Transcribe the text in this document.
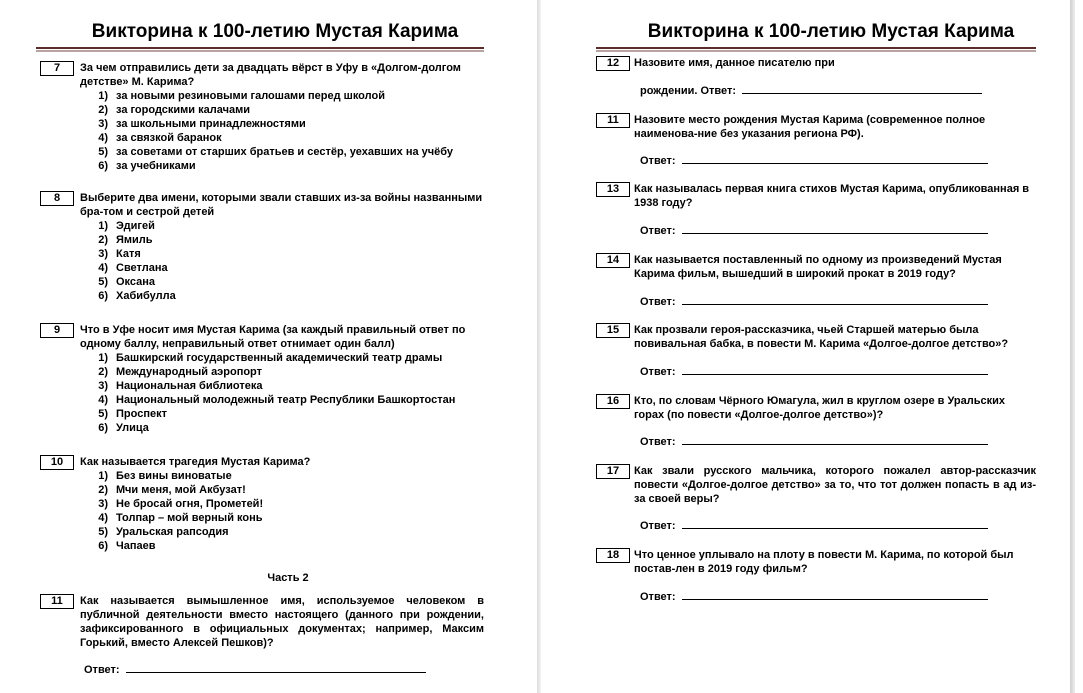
Викторина к 100-летию Мустая Карима
7	За чем отправились дети за двадцать вёрст в Уфу в «Долгом-долгом детстве» М. Карима?
1) за новыми резиновыми галошами перед школой
2) за городскими калачами
3) за школьными принадлежностями
4) за связкой баранок
5) за советами от старших братьев и сестёр, уехавших на учёбу
6) за учебниками
8	Выберите два имени, которыми звали ставших из-за войны названными бра-том и сестрой детей
1) Эдигей
2) Ямиль
3) Катя
4) Светлана
5) Оксана
6) Хабибулла
9	Что в Уфе носит имя Мустая Карима (за каждый правильный ответ по одному баллу, неправильный ответ отнимает один балл)
1) Башкирский государственный академический театр драмы
2) Международный аэропорт
3) Национальная библиотека
4) Национальный молодежный театр Республики Башкортостан
5) Проспект
6) Улица
10	Как называется трагедия Мустая Карима?
1) Без вины виноватые
2) Мчи меня, мой Акбузат!
3) Не бросай огня, Прометей!
4) Толпар – мой верный конь
5) Уральская рапсодия
6) Чапаев
Часть 2
11	Как называется вымышленное имя, используемое человеком в публичной деятельности вместо настоящего (данного при рождении, зафиксированного в официальных документах; например, Максим Горький, вместо Алексей Пешков)?
Ответ:
Викторина к 100-летию Мустая Карима
12	Назовите имя, данное писателю при
рождении. Ответ:
11	Назовите место рождения Мустая Карима (современное полное наименова-ние без указания региона РФ).
Ответ:
13	Как называлась первая книга стихов Мустая Карима, опубликованная в 1938 году?
Ответ:
14	Как называется поставленный по одному из произведений Мустая Карима фильм, вышедший в широкий прокат в 2019 году?
Ответ:
15	Как прозвали героя-рассказчика, чьей Старшей матерью была повивальная бабка, в повести М. Карима «Долгое-долгое детство»?
Ответ:
16	Кто, по словам Чёрного Юмагула, жил в круглом озере в Уральских горах (по повести «Долгое-долгое детство»)?
Ответ:
17	Как звали русского мальчика, которого пожалел автор-рассказчик повести «Долгое-долгое детство» за то, что тот должен попасть в ад из-за своей веры?
Ответ:
18	Что ценное уплывало на плоту в повести М. Карима, по которой был постав-лен в 2019 году фильм?
Ответ:
